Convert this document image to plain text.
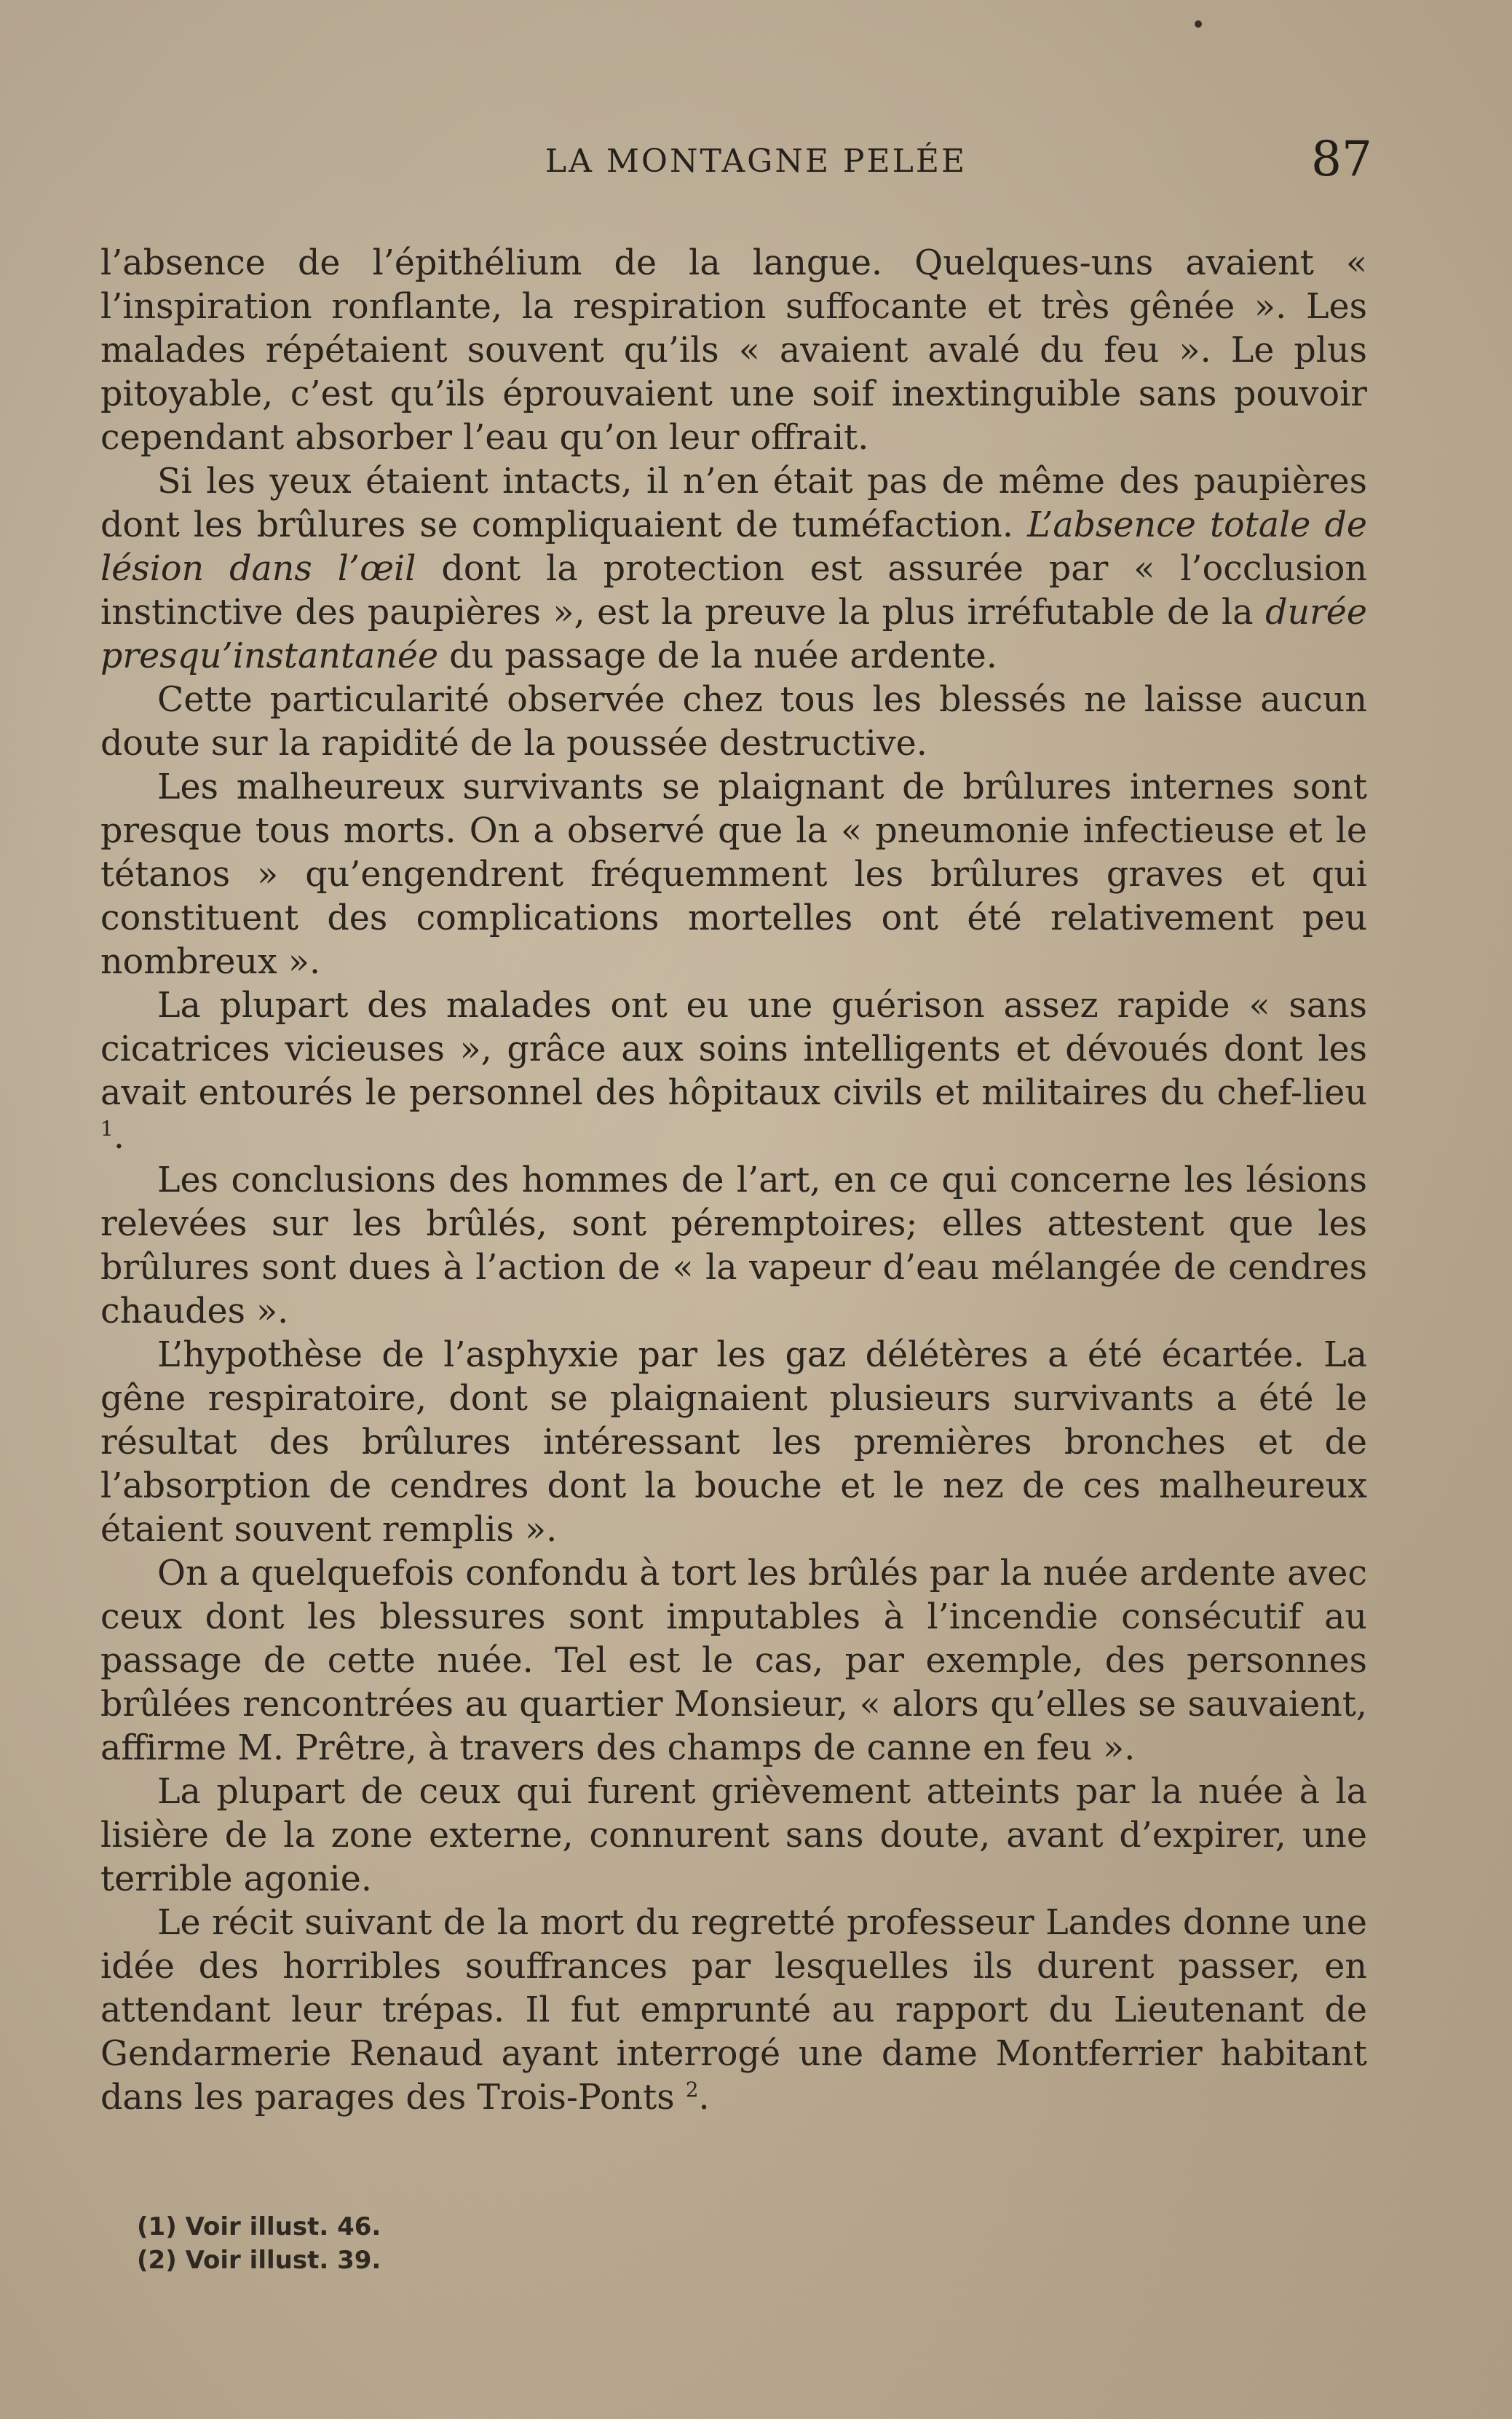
LA MONTAGNE PELÉE	87

l’absence de l’épithélium de la langue. Quelques-uns avaient « l’inspiration ronflante, la respiration suffocante et très gênée ». Les malades répétaient souvent qu’ils « avaient avalé du feu ». Le plus pitoyable, c’est qu’ils éprouvaient une soif inextinguible sans pouvoir cependant absorber l’eau qu’on leur offrait.

Si les yeux étaient intacts, il n’en était pas de même des paupières dont les brûlures se compliquaient de tuméfaction. L’absence totale de lésion dans l’œil dont la protection est assurée par « l’occlusion instinctive des paupières », est la preuve la plus irréfutable de la durée presqu’instantanée du passage de la nuée ardente.

Cette particularité observée chez tous les blessés ne laisse aucun doute sur la rapidité de la poussée destructive.

Les malheureux survivants se plaignant de brûlures internes sont presque tous morts. On a observé que la « pneumonie infectieuse et le tétanos » qu’engendrent fréquemment les brûlures graves et qui constituent des complications mortelles ont été relativement peu nombreux ».

La plupart des malades ont eu une guérison assez rapide « sans cicatrices vicieuses », grâce aux soins intelligents et dévoués dont les avait entourés le personnel des hôpitaux civils et militaires du chef-lieu $^1$.

Les conclusions des hommes de l’art, en ce qui concerne les lésions relevées sur les brûlés, sont péremptoires; elles attestent que les brûlures sont dues à l’action de « la vapeur d’eau mélangée de cendres chaudes ».

L’hypothèse de l’asphyxie par les gaz délétères a été écartée. La gêne respiratoire, dont se plaignaient plusieurs survivants a été le résultat des brûlures intéressant les premières bronches et de l’absorption de cendres dont la bouche et le nez de ces malheureux étaient souvent remplis ».

On a quelquefois confondu à tort les brûlés par la nuée ardente avec ceux dont les blessures sont imputables à l’incendie consécutif au passage de cette nuée. Tel est le cas, par exemple, des personnes brûlées rencontrées au quartier Monsieur, « alors qu’elles se sauvaient, affirme M. Prêtre, à travers des champs de canne en feu ».

La plupart de ceux qui furent grièvement atteints par la nuée à la lisière de la zone externe, connurent sans doute, avant d’expirer, une terrible agonie.

Le récit suivant de la mort du regretté professeur Landes donne une idée des horribles souffrances par lesquelles ils durent passer, en attendant leur trépas. Il fut emprunté au rapport du Lieutenant de Gendarmerie Renaud ayant interrogé une dame Montferrier habitant dans les parages des Trois-Ponts $^2$.

(1) Voir illust. 46.
(2) Voir illust. 39.
